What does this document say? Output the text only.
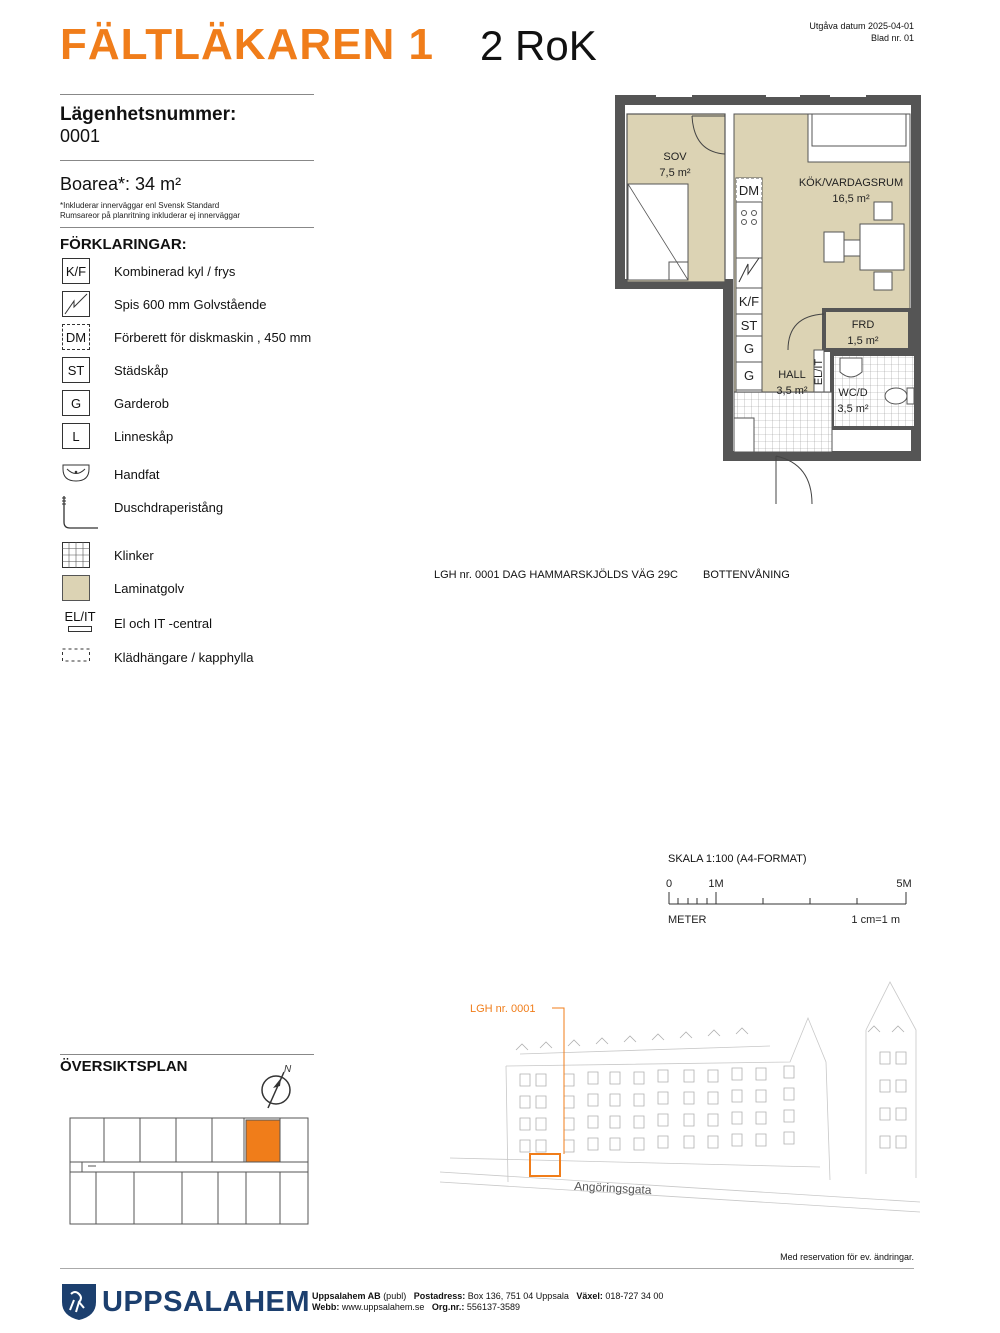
FÄLTLÄKAREN 1 2 RoK	Utgåva datum 2025-04-01
Blad nr. 01
Lägenhetsnummer:
0001
Boarea*: 34 m²
*Inkluderar innerväggar enl Svensk Standard
Rumsareor på planritning inkluderar ej innerväggar
FÖRKLARINGAR:
K/F Kombinerad kyl / frys
Spis 600 mm Golvstående
DM Förberett för diskmaskin , 450 mm
ST	Städskåp
G	Garderob
L	Linneskåp
Handfat
Duschdraperistång
Klinker
Laminatgolv
EL/IT El och IT -central
Klädhängare / kapphylla
DM
K/F
ST
G
G	EL/IT
SOV
7,5 m²
KÖK/VARDAGSRUM
16,5 m²
FRD
1,5 m²
HALL
3,5 m²	WC/D
3,5 m²
LGH nr. 0001 DAG HAMMARSKJÖLDS VÄG 29C BOTTENVÅNING
SKALA 1:100 (A4-FORMAT)
0	1M	5M
METER	1 cm=1 m
LGH nr. 0001
Angöringsgata
ÖVERSIKTSPLAN	N
Med reservation för ev. ändringar.
UPPSALAHEM Uppsalahem AB (publ) Postadress: Box 136, 751 04 Uppsala Växel: 018-727 34 00
Webb: www.uppsalahem.se Org.nr.: 556137-3589
